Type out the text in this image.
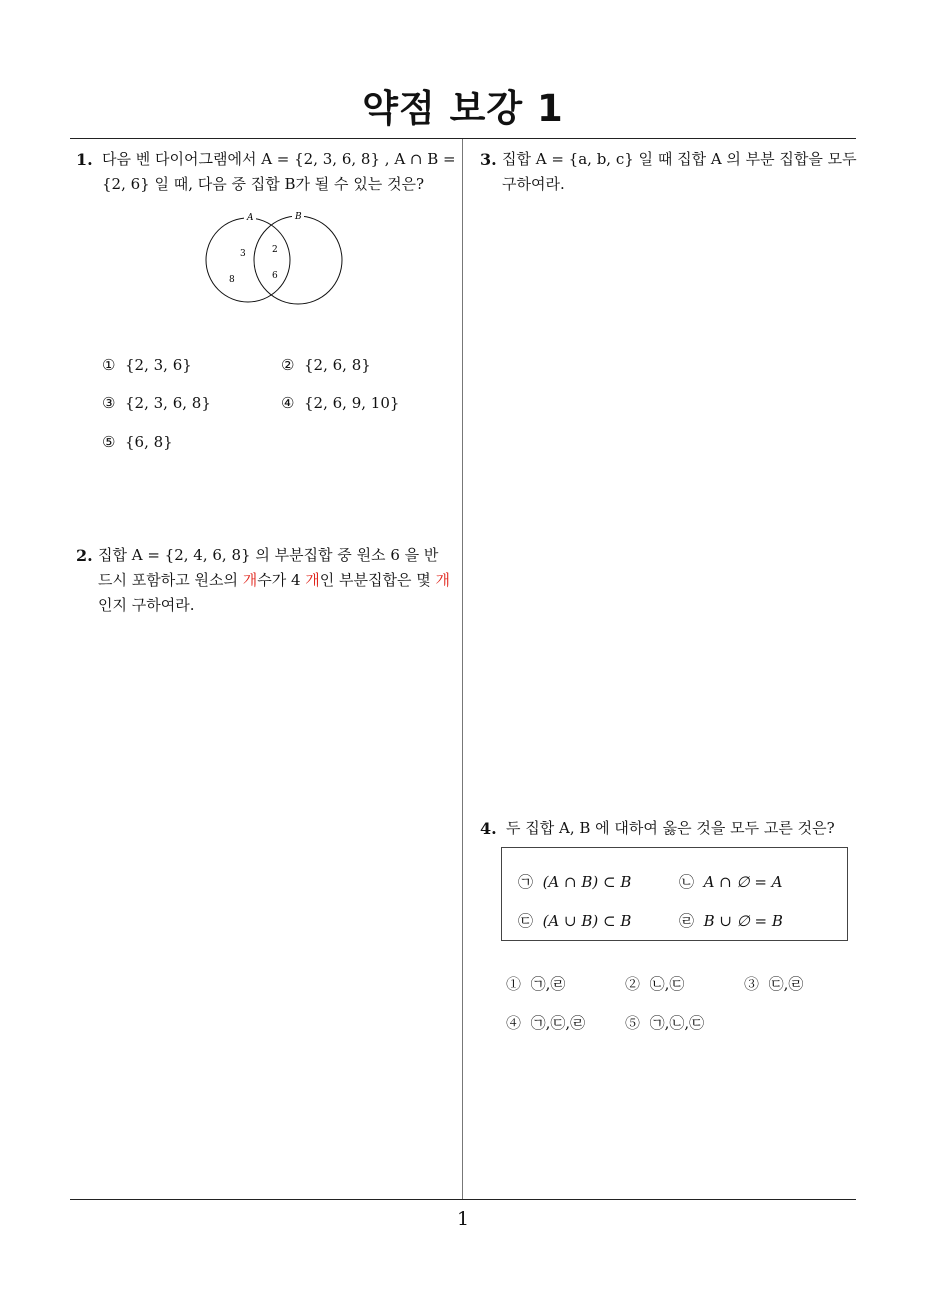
약점 보강 1
1. 다음 벤 다이어그램에서 A = {2, 3, 6, 8} , A ∩ B =
{2, 6} 일 때, 다음 중 집합 B가 될 수 있는 것은?
A	B
3
8
2
6
① {2, 3, 6}	② {2, 6, 8}
③ {2, 3, 6, 8}	④ {2, 6, 9, 10}
⑤ {6, 8}
2. 집합 A = {2, 4, 6, 8} 의 부분집합 중 원소 6 을 반
드시 포함하고 원소의 개수가 4 개인 부분집합은 몇 개
인지 구하여라.
3. 집합 A = {a, b, c} 일 때 집합 A 의 부분 집합을 모두
구하여라.
4. 두 집합 A, B 에 대하여 옳은 것을 모두 고른 것은?
㉠ (A ∩ B) ⊂ B	㉡ A ∩ ∅ = A
㉢ (A ∪ B) ⊂ B	㉣ B ∪ ∅ = B
① ㉠,㉣	② ㉡,㉢	③ ㉢,㉣
④ ㉠,㉢,㉣	⑤ ㉠,㉡,㉢
1
